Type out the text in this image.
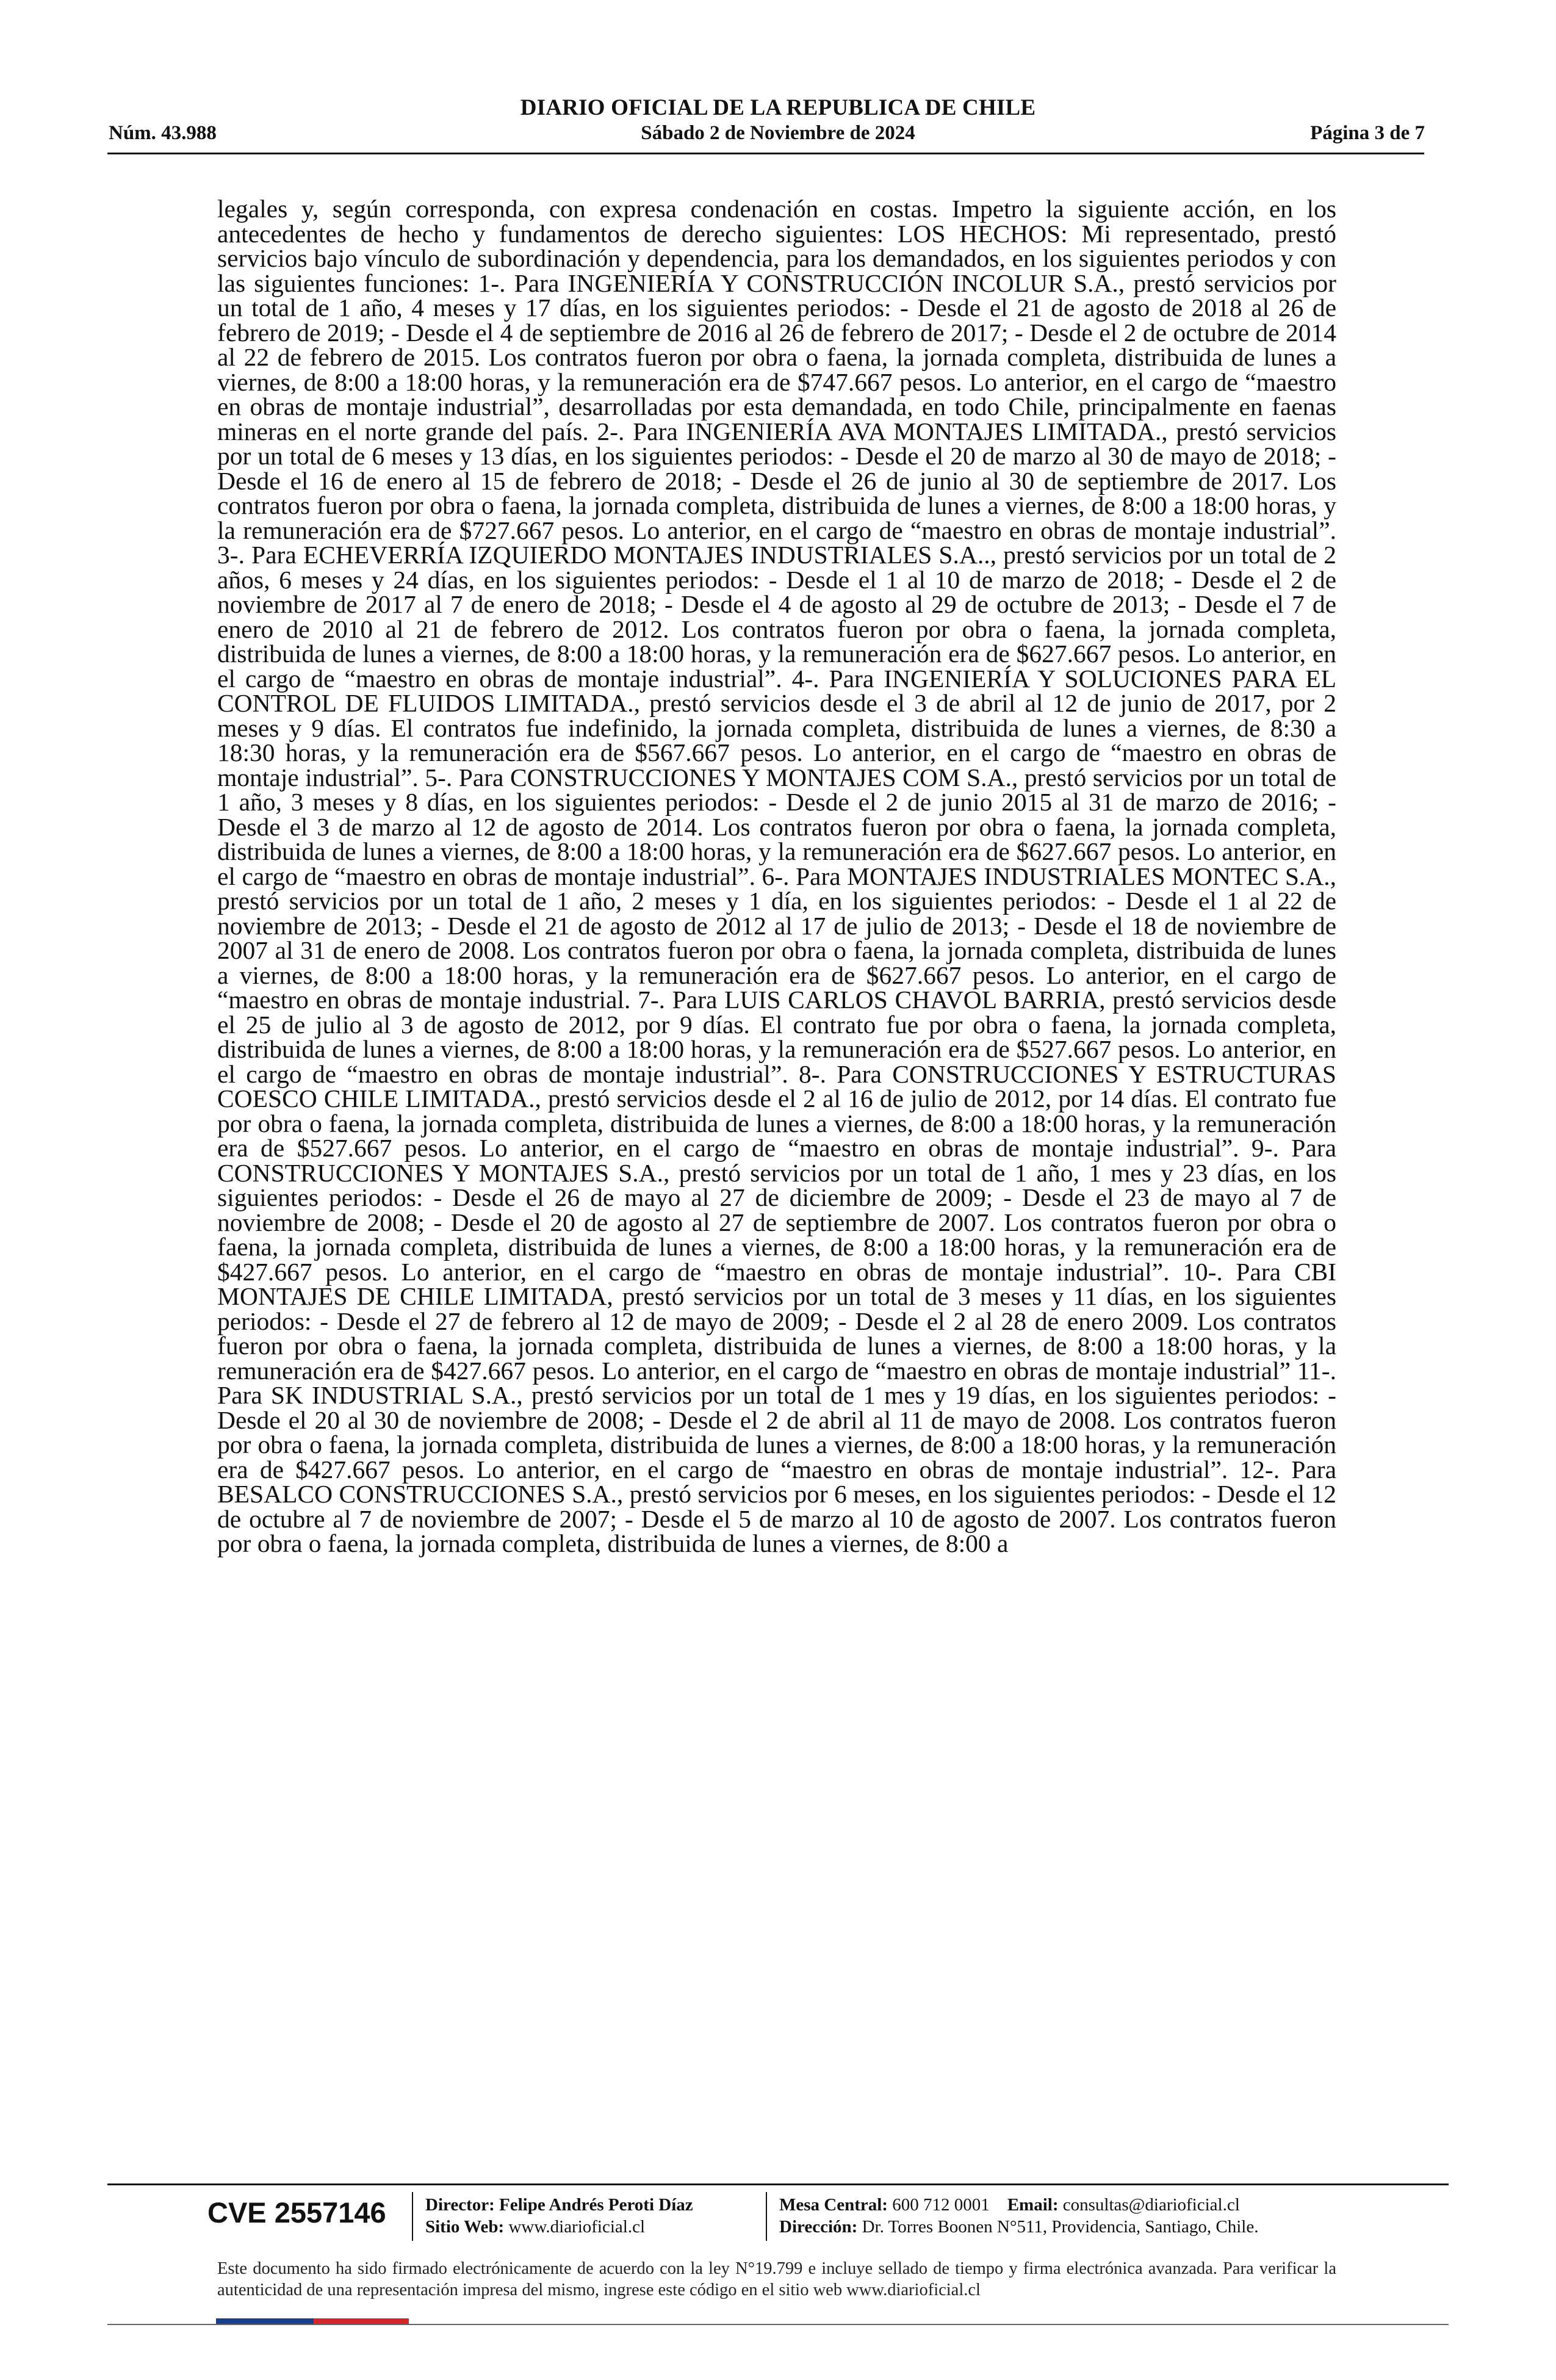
DIARIO OFICIAL DE LA REPUBLICA DE CHILE
Núm. 43.988	Sábado 2 de Noviembre de 2024	Página 3 de 7
legales y, según corresponda, con expresa condenación en costas. Impetro la siguiente acción, en los antecedentes de hecho y fundamentos de derecho siguientes: LOS HECHOS: Mi representado, prestó servicios bajo vínculo de subordinación y dependencia, para los demandados, en los siguientes periodos y con las siguientes funciones: 1-. Para INGENIERÍA Y CONSTRUCCIÓN INCOLUR S.A., prestó servicios por un total de 1 año, 4 meses y 17 días, en los siguientes periodos: - Desde el 21 de agosto de 2018 al 26 de febrero de 2019; - Desde el 4 de septiembre de 2016 al 26 de febrero de 2017; - Desde el 2 de octubre de 2014 al 22 de febrero de 2015. Los contratos fueron por obra o faena, la jornada completa, distribuida de lunes a viernes, de 8:00 a 18:00 horas, y la remuneración era de $747.667 pesos. Lo anterior, en el cargo de “maestro en obras de montaje industrial”, desarrolladas por esta demandada, en todo Chile, principalmente en faenas mineras en el norte grande del país. 2-. Para INGENIERÍA AVA MONTAJES LIMITADA., prestó servicios por un total de 6 meses y 13 días, en los siguientes periodos: - Desde el 20 de marzo al 30 de mayo de 2018; - Desde el 16 de enero al 15 de febrero de 2018; - Desde el 26 de junio al 30 de septiembre de 2017. Los contratos fueron por obra o faena, la jornada completa, distribuida de lunes a viernes, de 8:00 a 18:00 horas, y la remuneración era de $727.667 pesos. Lo anterior, en el cargo de “maestro en obras de montaje industrial”. 3-. Para ECHEVERRÍA IZQUIERDO MONTAJES INDUSTRIALES S.A.., prestó servicios por un total de 2 años, 6 meses y 24 días, en los siguientes periodos: - Desde el 1 al 10 de marzo de 2018; - Desde el 2 de noviembre de 2017 al 7 de enero de 2018; - Desde el 4 de agosto al 29 de octubre de 2013; - Desde el 7 de enero de 2010 al 21 de febrero de 2012. Los contratos fueron por obra o faena, la jornada completa, distribuida de lunes a viernes, de 8:00 a 18:00 horas, y la remuneración era de $627.667 pesos. Lo anterior, en el cargo de “maestro en obras de montaje industrial”. 4-. Para INGENIERÍA Y SOLUCIONES PARA EL CONTROL DE FLUIDOS LIMITADA., prestó servicios desde el 3 de abril al 12 de junio de 2017, por 2 meses y 9 días. El contratos fue indefinido, la jornada completa, distribuida de lunes a viernes, de 8:30 a 18:30 horas, y la remuneración era de $567.667 pesos. Lo anterior, en el cargo de “maestro en obras de montaje industrial”. 5-. Para CONSTRUCCIONES Y MONTAJES COM S.A., prestó servicios por un total de 1 año, 3 meses y 8 días, en los siguientes periodos: - Desde el 2 de junio 2015 al 31 de marzo de 2016; - Desde el 3 de marzo al 12 de agosto de 2014. Los contratos fueron por obra o faena, la jornada completa, distribuida de lunes a viernes, de 8:00 a 18:00 horas, y la remuneración era de $627.667 pesos. Lo anterior, en el cargo de “maestro en obras de montaje industrial”. 6-. Para MONTAJES INDUSTRIALES MONTEC S.A., prestó servicios por un total de 1 año, 2 meses y 1 día, en los siguientes periodos: - Desde el 1 al 22 de noviembre de 2013; - Desde el 21 de agosto de 2012 al 17 de julio de 2013; - Desde el 18 de noviembre de 2007 al 31 de enero de 2008. Los contratos fueron por obra o faena, la jornada completa, distribuida de lunes a viernes, de 8:00 a 18:00 horas, y la remuneración era de $627.667 pesos. Lo anterior, en el cargo de “maestro en obras de montaje industrial. 7-. Para LUIS CARLOS CHAVOL BARRIA, prestó servicios desde el 25 de julio al 3 de agosto de 2012, por 9 días. El contrato fue por obra o faena, la jornada completa, distribuida de lunes a viernes, de 8:00 a 18:00 horas, y la remuneración era de $527.667 pesos. Lo anterior, en el cargo de “maestro en obras de montaje industrial”. 8-. Para CONSTRUCCIONES Y ESTRUCTURAS COESCO CHILE LIMITADA., prestó servicios desde el 2 al 16 de julio de 2012, por 14 días. El contrato fue por obra o faena, la jornada completa, distribuida de lunes a viernes, de 8:00 a 18:00 horas, y la remuneración era de $527.667 pesos. Lo anterior, en el cargo de “maestro en obras de montaje industrial”. 9-. Para CONSTRUCCIONES Y MONTAJES S.A., prestó servicios por un total de 1 año, 1 mes y 23 días, en los siguientes periodos: - Desde el 26 de mayo al 27 de diciembre de 2009; - Desde el 23 de mayo al 7 de noviembre de 2008; - Desde el 20 de agosto al 27 de septiembre de 2007. Los contratos fueron por obra o faena, la jornada completa, distribuida de lunes a viernes, de 8:00 a 18:00 horas, y la remuneración era de $427.667 pesos. Lo anterior, en el cargo de “maestro en obras de montaje industrial”. 10-. Para CBI MONTAJES DE CHILE LIMITADA, prestó servicios por un total de 3 meses y 11 días, en los siguientes periodos: - Desde el 27 de febrero al 12 de mayo de 2009; - Desde el 2 al 28 de enero 2009. Los contratos fueron por obra o faena, la jornada completa, distribuida de lunes a viernes, de 8:00 a 18:00 horas, y la remuneración era de $427.667 pesos. Lo anterior, en el cargo de “maestro en obras de montaje industrial” 11-. Para SK INDUSTRIAL S.A., prestó servicios por un total de 1 mes y 19 días, en los siguientes periodos: - Desde el 20 al 30 de noviembre de 2008; - Desde el 2 de abril al 11 de mayo de 2008. Los contratos fueron por obra o faena, la jornada completa, distribuida de lunes a viernes, de 8:00 a 18:00 horas, y la remuneración era de $427.667 pesos. Lo anterior, en el cargo de “maestro en obras de montaje industrial”. 12-. Para BESALCO CONSTRUCCIONES S.A., prestó servicios por 6 meses, en los siguientes periodos: - Desde el 12 de octubre al 7 de noviembre de 2007; - Desde el 5 de marzo al 10 de agosto de 2007. Los contratos fueron por obra o faena, la jornada completa, distribuida de lunes a viernes, de 8:00 a
CVE 2557146 Director: Felipe Andrés Peroti Díaz
Sitio Web: www.diarioficial.cl
Mesa Central: 600 712 0001 Email: consultas@diarioficial.cl
Dirección: Dr. Torres Boonen N°511, Providencia, Santiago, Chile.
Este documento ha sido firmado electrónicamente de acuerdo con la ley N°19.799 e incluye sellado de tiempo y firma electrónica avanzada. Para verificar la autenticidad de una representación impresa del mismo, ingrese este código en el sitio web www.diarioficial.cl
